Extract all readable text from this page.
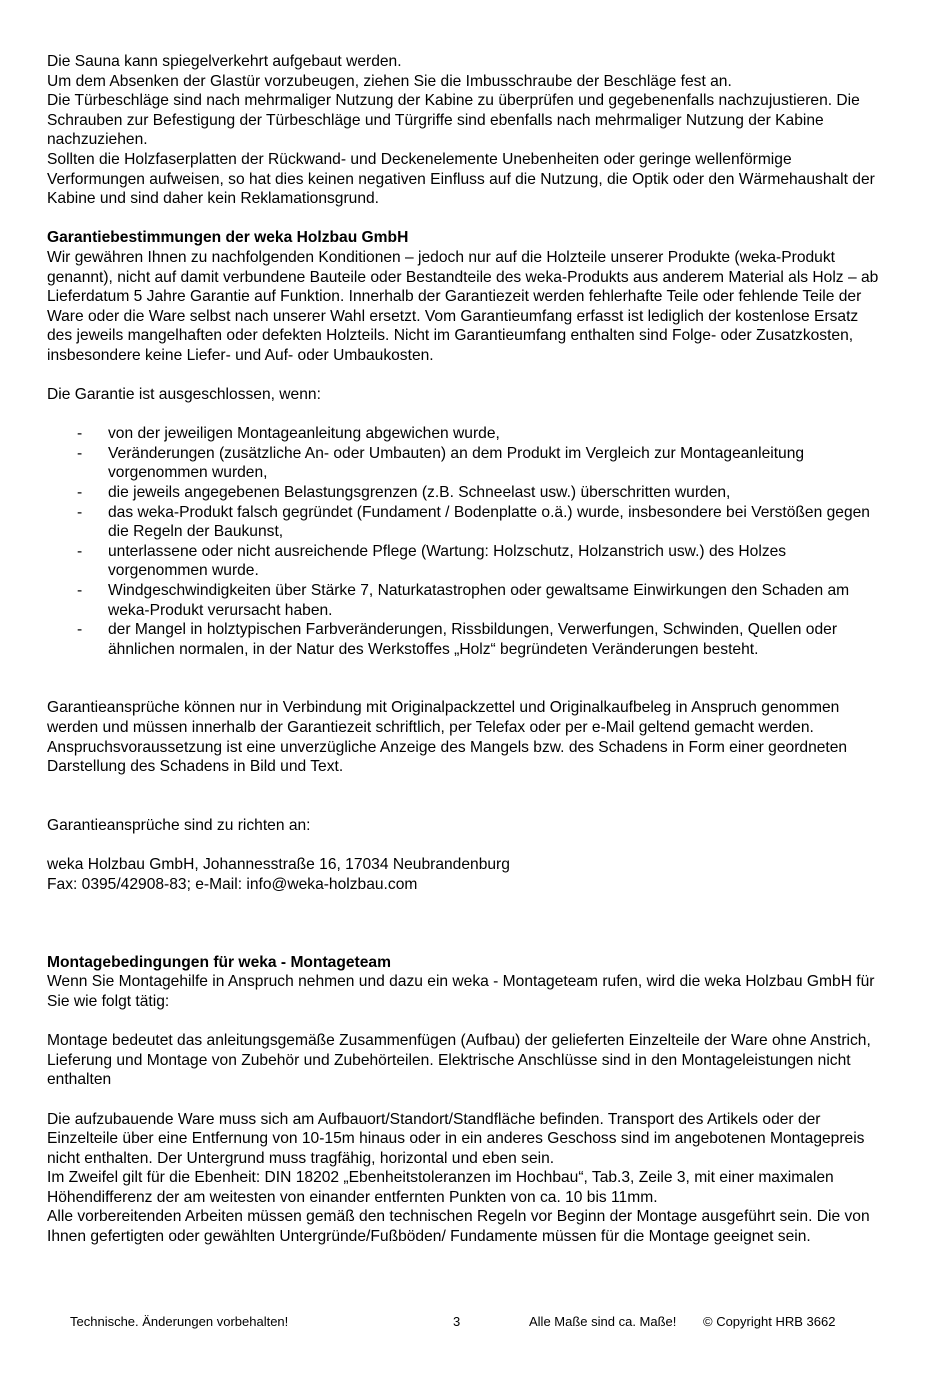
Die Sauna kann spiegelverkehrt aufgebaut werden.

Um dem Absenken der Glastür vorzubeugen, ziehen Sie die Imbusschraube der Beschläge fest an.

Die Türbeschläge sind nach mehrmaliger Nutzung der Kabine zu überprüfen und gegebenenfalls nachzujustieren. Die Schrauben zur Befestigung der Türbeschläge und Türgriffe sind ebenfalls nach mehrmaliger Nutzung der Kabine nachzuziehen.

Sollten die Holzfaserplatten der Rückwand- und Deckenelemente Unebenheiten oder geringe wellenförmige Verformungen aufweisen, so hat dies keinen negativen Einfluss auf die Nutzung, die Optik oder den Wärmehaushalt der Kabine und sind daher kein Reklamationsgrund.

Garantiebestimmungen der weka Holzbau GmbH

Wir gewähren Ihnen zu nachfolgenden Konditionen – jedoch nur auf die Holzteile unserer Produkte (weka-Produkt genannt), nicht auf damit verbundene Bauteile oder Bestandteile des weka-Produkts aus anderem Material als Holz – ab Lieferdatum 5 Jahre Garantie auf Funktion. Innerhalb der Garantiezeit werden fehlerhafte Teile oder fehlende Teile der Ware oder die Ware selbst nach unserer Wahl ersetzt. Vom Garantieumfang erfasst ist lediglich der kostenlose Ersatz des jeweils mangelhaften oder defekten Holzteils. Nicht im Garantieumfang enthalten sind Folge- oder Zusatzkosten, insbesondere keine Liefer- und Auf- oder Umbaukosten.

Die Garantie ist ausgeschlossen, wenn:

- von der jeweiligen Montageanleitung abgewichen wurde,
- Veränderungen (zusätzliche An- oder Umbauten) an dem Produkt im Vergleich zur Montageanleitung vorgenommen wurden,
- die jeweils angegebenen Belastungsgrenzen (z.B. Schneelast usw.) überschritten wurden,
- das weka-Produkt falsch gegründet (Fundament / Bodenplatte o.ä.) wurde, insbesondere bei Verstößen gegen die Regeln der Baukunst,
- unterlassene oder nicht ausreichende Pflege (Wartung: Holzschutz, Holzanstrich usw.) des Holzes vorgenommen wurde.
- Windgeschwindigkeiten über Stärke 7, Naturkatastrophen oder gewaltsame Einwirkungen den Schaden am weka-Produkt verursacht haben.
- der Mangel in holztypischen Farbveränderungen, Rissbildungen, Verwerfungen, Schwinden, Quellen oder ähnlichen normalen, in der Natur des Werkstoffes „Holz“ begründeten Veränderungen besteht.

Garantieansprüche können nur in Verbindung mit Originalpackzettel und Originalkaufbeleg in Anspruch genommen werden und müssen innerhalb der Garantiezeit schriftlich, per Telefax oder per e-Mail geltend gemacht werden. Anspruchsvoraussetzung ist eine unverzügliche Anzeige des Mangels bzw. des Schadens in Form einer geordneten Darstellung des Schadens in Bild und Text.

Garantieansprüche sind zu richten an:

weka Holzbau GmbH, Johannesstraße 16, 17034 Neubrandenburg

Fax: 0395/42908-83; e-Mail: info@weka-holzbau.com

Montagebedingungen für weka - Montageteam

Wenn Sie Montagehilfe in Anspruch nehmen und dazu ein weka - Montageteam rufen, wird die weka Holzbau GmbH für Sie wie folgt tätig:

Montage bedeutet das anleitungsgemäße Zusammenfügen (Aufbau) der gelieferten Einzelteile der Ware ohne Anstrich, Lieferung und Montage von Zubehör und Zubehörteilen. Elektrische Anschlüsse sind in den Montageleistungen nicht enthalten

Die aufzubauende Ware muss sich am Aufbauort/Standort/Standfläche befinden. Transport des Artikels oder der Einzelteile über eine Entfernung von 10-15m hinaus oder in ein anderes Geschoss sind im angebotenen Montagepreis nicht enthalten. Der Untergrund muss tragfähig, horizontal und eben sein.

Im Zweifel gilt für die Ebenheit: DIN 18202 „Ebenheitstoleranzen im Hochbau“, Tab.3, Zeile 3, mit einer maximalen Höhendifferenz der am weitesten von einander entfernten Punkten von ca. 10 bis 11mm.

Alle vorbereitenden Arbeiten müssen gemäß den technischen Regeln vor Beginn der Montage ausgeführt sein. Die von Ihnen gefertigten oder gewählten Untergründe/Fußböden/ Fundamente müssen für die Montage geeignet sein.

Technische. Änderungen vorbehalten!	3	Alle Maße sind ca. Maße! © Copyright HRB 3662
